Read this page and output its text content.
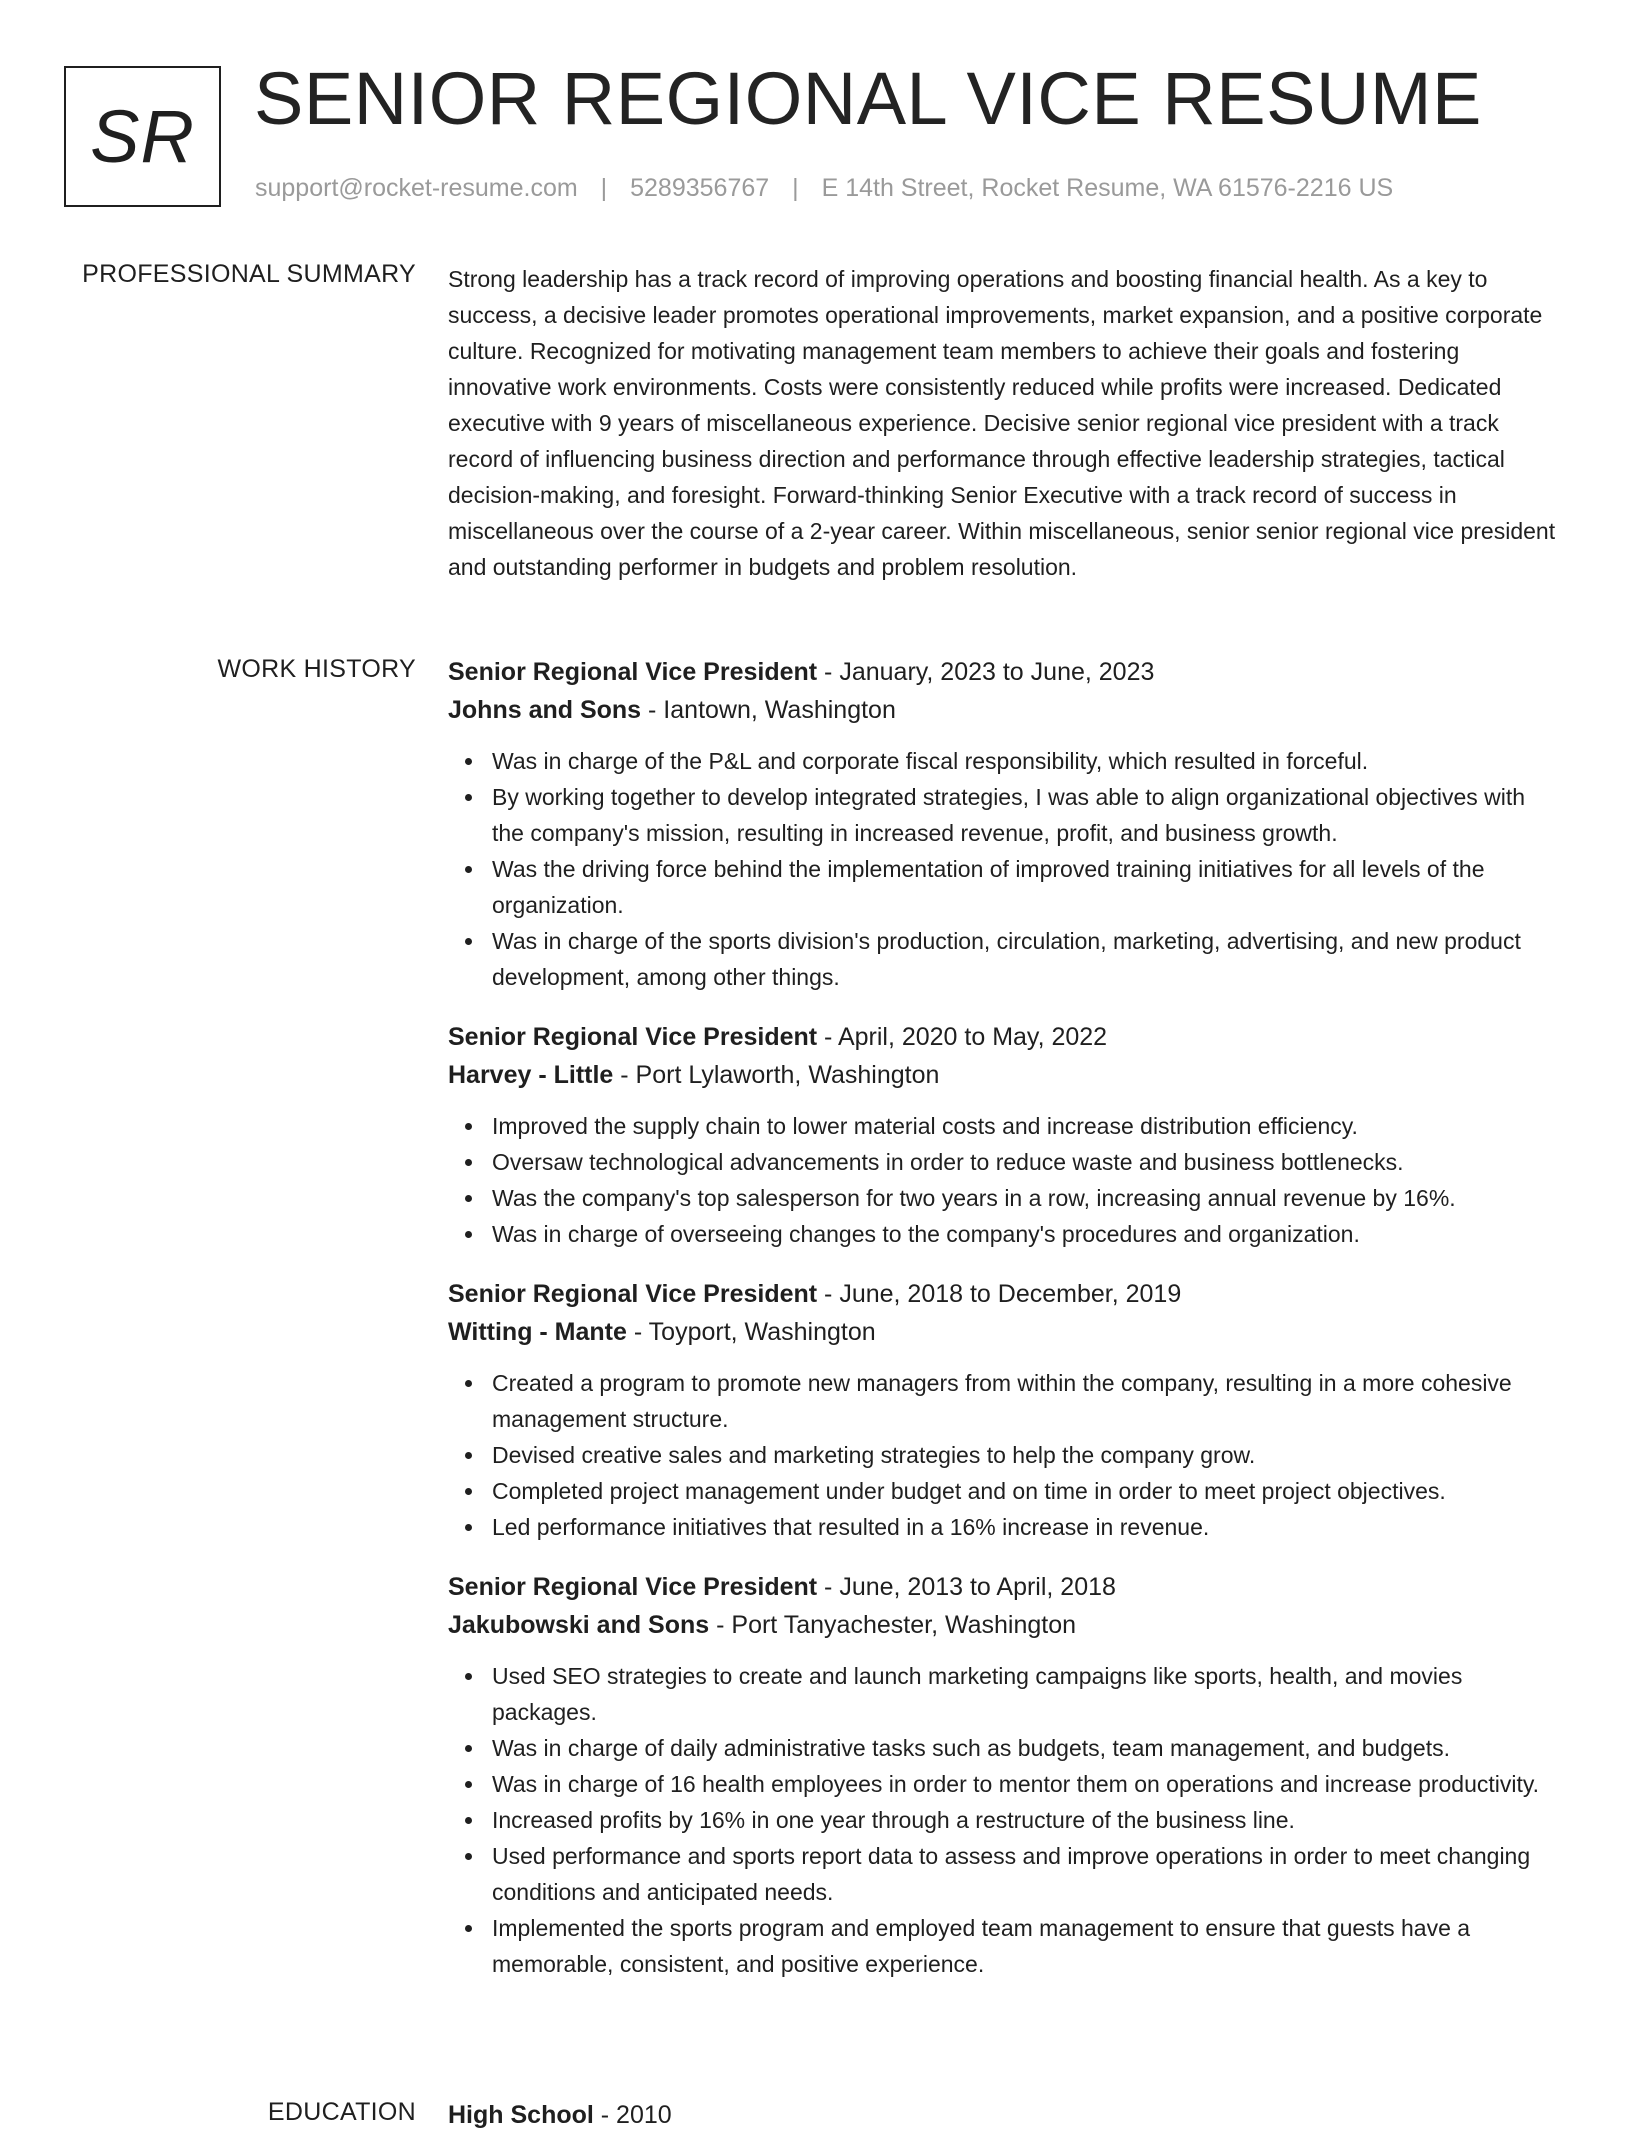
SR SENIOR REGIONAL VICE RESUME
support@rocket-resume.com | 5289356767 | E 14th Street, Rocket Resume, WA 61576-2216 US
PROFESSIONAL SUMMARY Strong leadership has a track record of improving operations and boosting financial health. As a key to success, a decisive leader promotes operational improvements, market expansion, and a positive corporate culture. Recognized for motivating management team members to achieve their goals and fostering innovative work environments. Costs were consistently reduced while profits were increased. Dedicated executive with 9 years of miscellaneous experience. Decisive senior regional vice president with a track record of influencing business direction and performance through effective leadership strategies, tactical decision-making, and foresight. Forward-thinking Senior Executive with a track record of success in miscellaneous over the course of a 2-year career. Within miscellaneous, senior senior regional vice president and outstanding performer in budgets and problem resolution.

WORK HISTORY Senior Regional Vice President - January, 2023 to June, 2023
Johns and Sons - Iantown, Washington
Was in charge of the P&L and corporate fiscal responsibility, which resulted in forceful.
By working together to develop integrated strategies, I was able to align organizational objectives with the company's mission, resulting in increased revenue, profit, and business growth.
Was the driving force behind the implementation of improved training initiatives for all levels of the organization.
Was in charge of the sports division's production, circulation, marketing, advertising, and new product development, among other things.
Senior Regional Vice President - April, 2020 to May, 2022
Harvey - Little - Port Lylaworth, Washington
Improved the supply chain to lower material costs and increase distribution efficiency.
Oversaw technological advancements in order to reduce waste and business bottlenecks.
Was the company's top salesperson for two years in a row, increasing annual revenue by 16%.
Was in charge of overseeing changes to the company's procedures and organization.
Senior Regional Vice President - June, 2018 to December, 2019
Witting - Mante - Toyport, Washington
Created a program to promote new managers from within the company, resulting in a more cohesive management structure.
Devised creative sales and marketing strategies to help the company grow.
Completed project management under budget and on time in order to meet project objectives.
Led performance initiatives that resulted in a 16% increase in revenue.
Senior Regional Vice President - June, 2013 to April, 2018
Jakubowski and Sons - Port Tanyachester, Washington
Used SEO strategies to create and launch marketing campaigns like sports, health, and movies packages.
Was in charge of daily administrative tasks such as budgets, team management, and budgets.
Was in charge of 16 health employees in order to mentor them on operations and increase productivity.
Increased profits by 16% in one year through a restructure of the business line.
Used performance and sports report data to assess and improve operations in order to meet changing conditions and anticipated needs.
Implemented the sports program and employed team management to ensure that guests have a memorable, consistent, and positive experience.
EDUCATION High School - 2010
